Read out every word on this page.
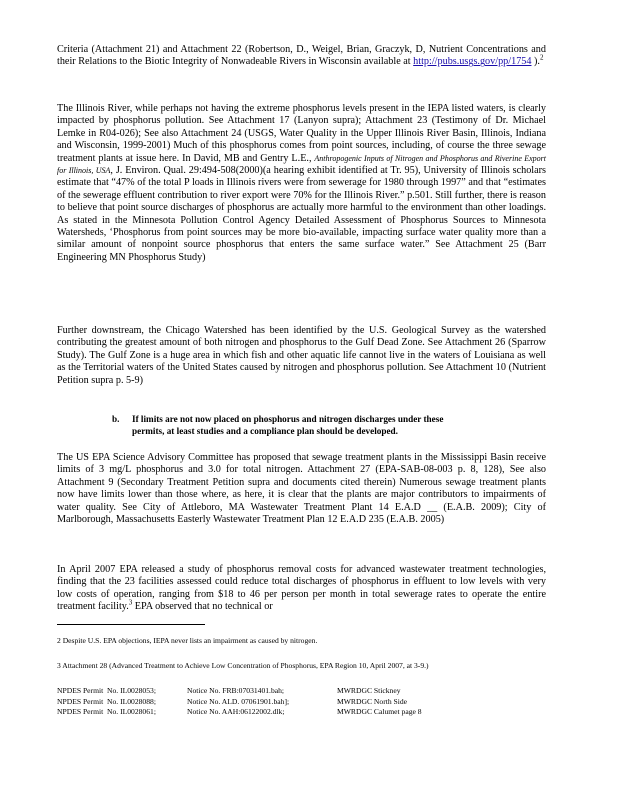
Criteria (Attachment 21) and Attachment 22 (Robertson, D., Weigel, Brian, Graczyk, D, Nutrient Concentrations and their Relations to the Biotic Integrity of Nonwadeable Rivers in Wisconsin available at http://pubs.usgs.gov/pp/1754 ).$^2$

The Illinois River, while perhaps not having the extreme phosphorus levels present in the IEPA listed waters, is clearly impacted by phosphorus pollution. See Attachment 17 (Lanyon supra); Attachment 23 (Testimony of Dr. Michael Lemke in R04-026); See also Attachment 24 (USGS, Water Quality in the Upper Illinois River Basin, Illinois, Indiana and Wisconsin, 1999-2001) Much of this phosphorus comes from point sources, including, of course the three sewage treatment plants at issue here. In David, MB and Gentry L.E., Anthropogenic Inputs of Nitrogen and Phosphorus and Riverine Export for Illinois, USA, J. Environ. Qual. 29:494-508(2000)(a hearing exhibit identified at Tr. 95), University of Illinois scholars estimate that “47% of the total P loads in Illinois rivers were from sewerage for 1980 through 1997” and that “estimates of the sewerage effluent contribution to river export were 70% for the Illinois River.” p.501. Still further, there is reason to believe that point source discharges of phosphorus are actually more harmful to the environment than other loadings. As stated in the Minnesota Pollution Control Agency Detailed Assessment of Phosphorus Sources to Minnesota Watersheds, ‘Phosphorus from point sources may be more bio-available, impacting surface water quality more than a similar amount of nonpoint source phosphorus that enters the same surface water.” See Attachment 25 (Barr Engineering MN Phosphorus Study)

Further downstream, the Chicago Watershed has been identified by the U.S. Geological Survey as the watershed contributing the greatest amount of both nitrogen and phosphorus to the Gulf Dead Zone. See Attachment 26 (Sparrow Study). The Gulf Zone is a huge area in which fish and other aquatic life cannot live in the waters of Louisiana as well as the Territorial waters of the United States caused by nitrogen and phosphorus pollution. See Attachment 10 (Nutrient Petition supra p. 5-9)

b. If limits are not now placed on phosphorus and nitrogen discharges under these
permits, at least studies and a compliance plan should be developed.

The US EPA Science Advisory Committee has proposed that sewage treatment plants in the Mississippi Basin receive limits of 3 mg/L phosphorus and 3.0 for total nitrogen. Attachment 27 (EPA-SAB-08-003 p. 8, 128), See also Attachment 9 (Secondary Treatment Petition supra and documents cited therein) Numerous sewage treatment plants now have limits lower than those where, as here, it is clear that the plants are major contributors to impairments of water quality. See City of Attleboro, MA Wastewater Treatment Plant 14 E.A.D __ (E.A.B. 2009); City of Marlborough, Massachusetts Easterly Wastewater Treatment Plan 12 E.A.D 235 (E.A.B. 2005)

In April 2007 EPA released a study of phosphorus removal costs for advanced wastewater treatment technologies, finding that the 23 facilities assessed could reduce total discharges of phosphorus in effluent to low levels with very low costs of operation, ranging from $18 to 46 per person per month in total sewerage rates to operate the entire treatment facility.$^3$ EPA observed that no technical or

2 Despite U.S. EPA objections, IEPA never lists an impairment as caused by nitrogen.

3 Attachment 28 (Advanced Treatment to Achieve Low Concentration of Phosphorus, EPA Region 10, April 2007, at 3-9.)

NPDES Permit No. IL0028053;	Notice No. FRB:07031401.bah;	MWRDGC Stickney
NPDES Permit No. IL0028088;	Notice No. ALD. 07061901.bah];	MWRDGC North Side
NPDES Permit No. IL0028061;	Notice No. AAH:06122002.dlk;	MWRDGC Calumet page 8
